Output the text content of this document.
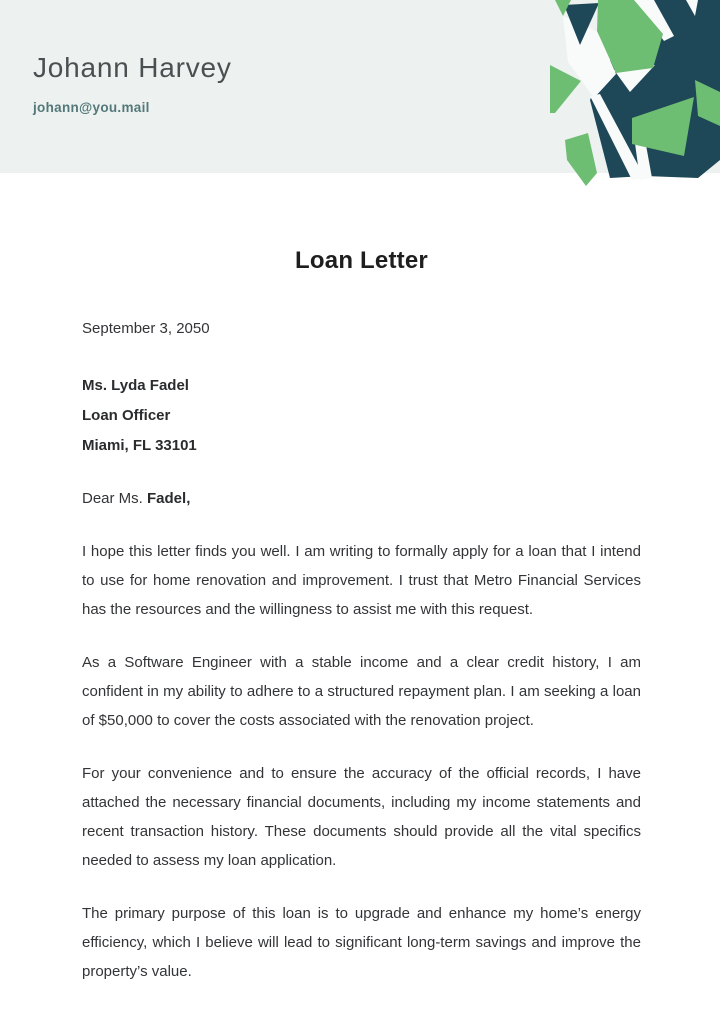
Johann Harvey
johann@you.mail
Loan Letter
September 3, 2050
Ms. Lyda Fadel
Loan Officer
Miami, FL 33101
Dear Ms. Fadel,

I hope this letter finds you well. I am writing to formally apply for a loan that I intend to use for home renovation and improvement. I trust that Metro Financial Services has the resources and the willingness to assist me with this request.

As a Software Engineer with a stable income and a clear credit history, I am confident in my ability to adhere to a structured repayment plan. I am seeking a loan of $50,000 to cover the costs associated with the renovation project.

For your convenience and to ensure the accuracy of the official records, I have attached the necessary financial documents, including my income statements and recent transaction history. These documents should provide all the vital specifics needed to assess my loan application.

The primary purpose of this loan is to upgrade and enhance my home’s energy efficiency, which I believe will lead to significant long-term savings and improve the property’s value.
